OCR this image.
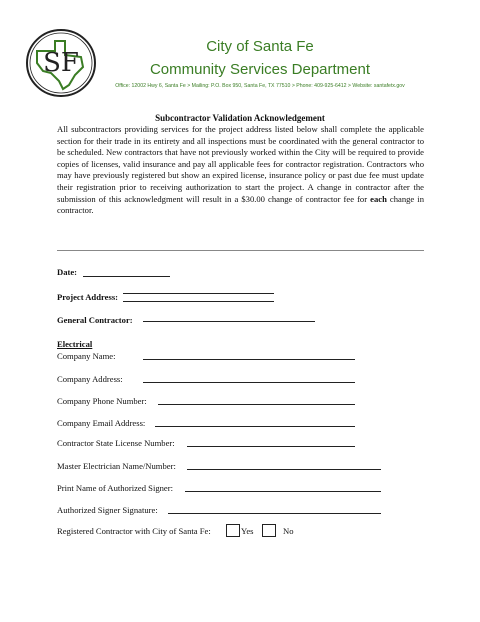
SF
City of Santa Fe
Community Services Department
Office: 12002 Hwy 6, Santa Fe > Mailing: P.O. Box 950, Santa Fe, TX 77510 > Phone: 409-925-6412 > Website: santafetx.gov
Subcontractor Validation Acknowledgement
All subcontractors providing services for the project address listed below shall complete the applicable section for their trade in its entirety and all inspections must be coordinated with the general contractor to be scheduled. New contractors that have not previously worked within the City will be required to provide copies of licenses, valid insurance and pay all applicable fees for contractor registration. Contractors who may have previously registered but show an expired license, insurance policy or past due fee must update their registration prior to receiving authorization to start the project. A change in contractor after the submission of this acknowledgment will result in a $30.00 change of contractor fee for each change in contractor.
Date:
Project Address:
General Contractor:
Electrical
Company Name:
Company Address:
Company Phone Number:
Company Email Address:
Contractor State License Number:
Master Electrician Name/Number:
Print Name of Authorized Signer:
Authorized Signer Signature:
Registered Contractor with City of Santa Fe:	Yes	No
